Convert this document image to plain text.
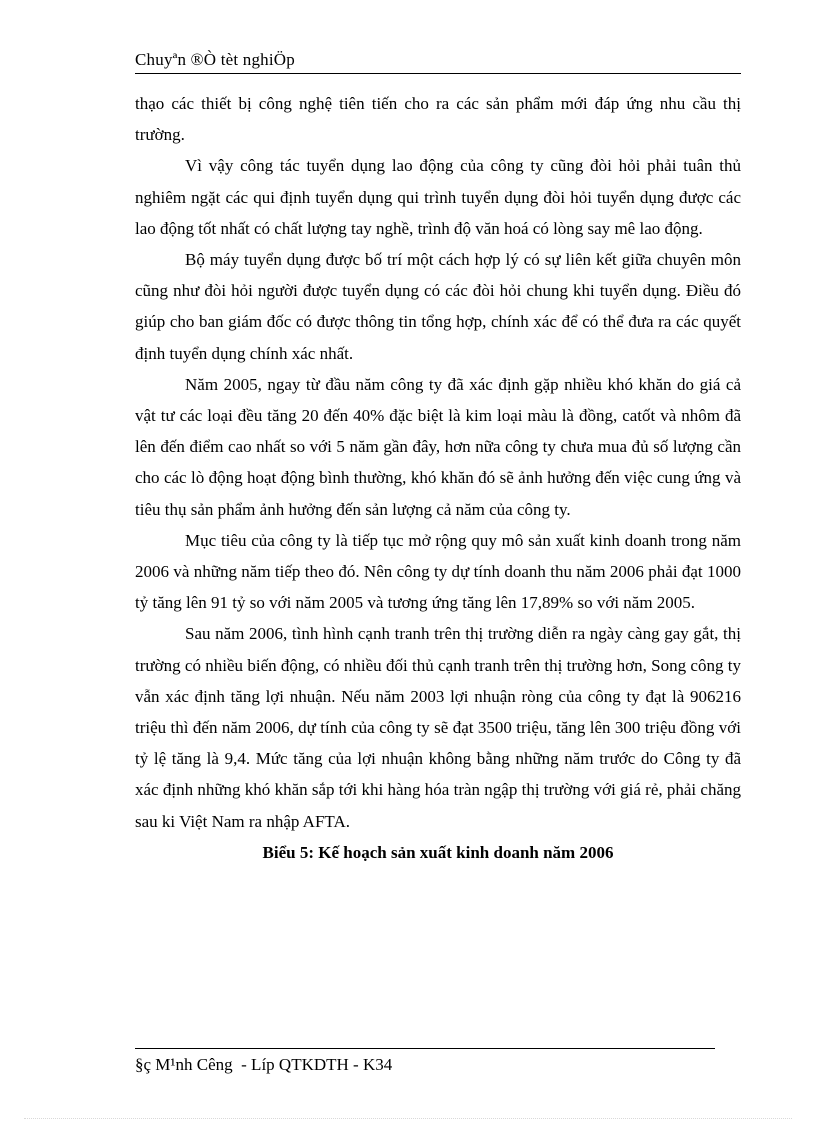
Chuyªn ®Ò tèt nghiÖp

thạo các thiết bị công nghệ tiên tiến cho ra các sản phẩm mới đáp ứng nhu cầu thị trường.

Vì vậy công tác tuyển dụng lao động của công ty cũng đòi hỏi phải tuân thủ nghiêm ngặt các qui định tuyển dụng qui trình tuyển dụng đòi hỏi tuyển dụng được các lao động tốt nhất có chất lượng tay nghề, trình độ văn hoá có lòng say mê lao động.

Bộ máy tuyển dụng được bố trí một cách hợp lý có sự liên kết giữa chuyên môn cũng như đòi hỏi người được tuyển dụng có các đòi hỏi chung khi tuyển dụng. Điều đó giúp cho ban giám đốc có được thông tin tổng hợp, chính xác để có thể đưa ra các quyết định tuyển dụng chính xác nhất.

Năm 2005, ngay từ đầu năm công ty đã xác định gặp nhiều khó khăn do giá cả vật tư các loại đều tăng 20 đến 40% đặc biệt là kim loại màu là đồng, catốt và nhôm đã lên đến điểm cao nhất so với 5 năm gần đây, hơn nữa công ty chưa mua đủ số lượng cần cho các lò động hoạt động bình thường, khó khăn đó sẽ ảnh hưởng đến việc cung ứng và tiêu thụ sản phẩm ảnh hưởng đến sản lượng cả năm của công ty.

Mục tiêu của công ty là tiếp tục mở rộng quy mô sản xuất kinh doanh trong năm 2006 và những năm tiếp theo đó. Nên công ty dự tính doanh thu năm 2006 phải đạt 1000 tỷ tăng lên 91 tỷ so với năm 2005 và tương ứng tăng lên 17,89% so với năm 2005.

Sau năm 2006, tình hình cạnh tranh trên thị trường diễn ra ngày càng gay gắt, thị trường có nhiều biến động, có nhiều đối thủ cạnh tranh trên thị trường hơn, Song công ty vẫn xác định tăng lợi nhuận. Nếu năm 2003 lợi nhuận ròng của công ty đạt là 906216 triệu thì đến năm 2006, dự tính của công ty sẽ đạt 3500 triệu, tăng lên 300 triệu đồng với tỷ lệ tăng là 9,4. Mức tăng của lợi nhuận không bằng những năm trước do Công ty đã xác định những khó khăn sắp tới khi hàng hóa tràn ngập thị trường với giá rẻ, phải chăng sau ki Việt Nam ra nhập AFTA.

Biểu 5: Kế hoạch sản xuất kinh doanh năm 2006

§ç M¹nh Cêng  - Líp QTKDTH - K34
